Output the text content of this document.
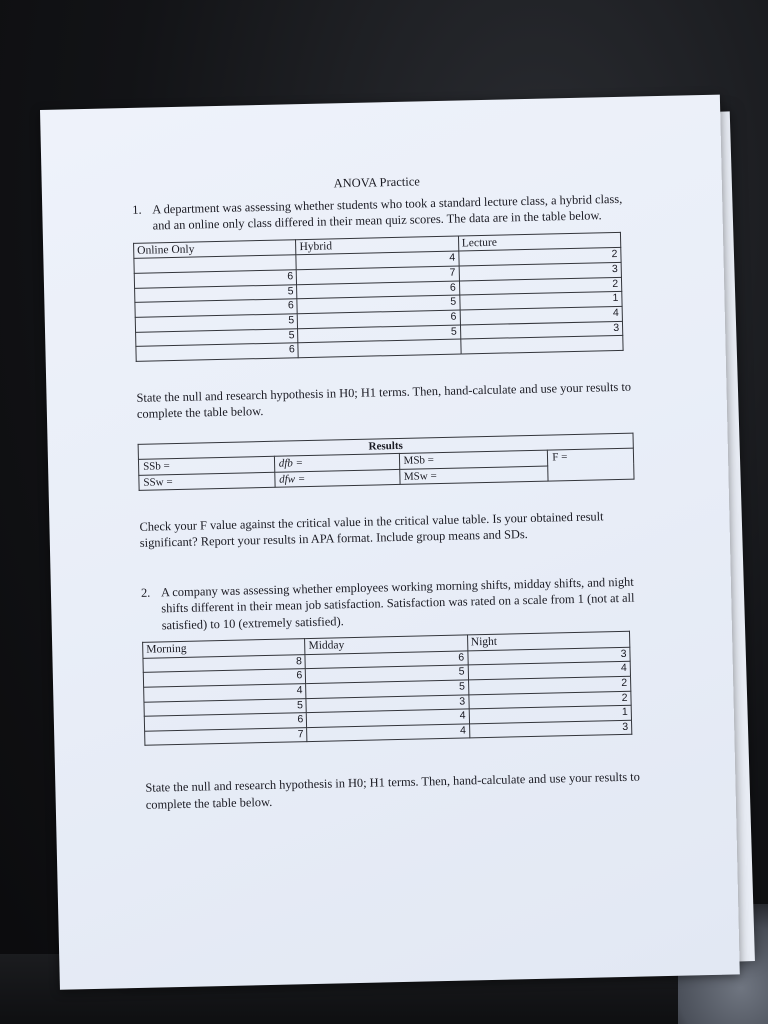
ANOVA Practice
1. A department was assessing whether students who took a standard lecture class, a hybrid class, and an online only class differed in their mean quiz scores. The data are in the table below.
Online Only	Hybrid	Lecture
	4	2
6	7	3
5	6	2
6	5	1
5	6	4
5	5	3
6		
State the null and research hypothesis in H0; H1 terms. Then, hand-calculate and use your results to complete the table below.
Results			
SSb =	dfb =	MSb =	F =
SSw =	dfw =	MSw =	
Check your F value against the critical value in the critical value table. Is your obtained result significant? Report your results in APA format. Include group means and SDs.
2. A company was assessing whether employees working morning shifts, midday shifts, and night shifts different in their mean job satisfaction. Satisfaction was rated on a scale from 1 (not at all satisfied) to 10 (extremely satisfied).
Morning	Midday	Night
8	6	3
6	5	4
4	5	2
5	3	2
6	4	1
7	4	3
State the null and research hypothesis in H0; H1 terms. Then, hand-calculate and use your results to complete the table below.
